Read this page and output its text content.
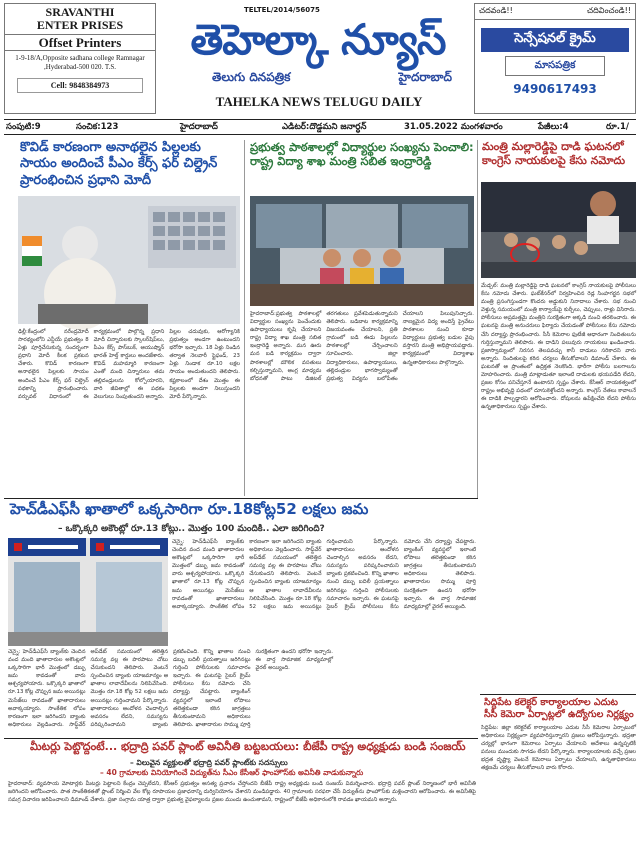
SRAVANTHI
ENTER PRISES
Offset Printers
1-9-18/A,Opposite sadhana college Ramnagar ,Hyderabad-500 020. T.S.
Cell: 9848384973
TELTEL/2014/56075
తెహెల్కా న్యూస్
తెలుగు దినపత్రిక	హైదరాబాద్
TAHELKA NEWS TELUGU DAILY
చదవండి!!	చదివించండి!!
సెన్సేషనల్ క్రైమ్
మాసపత్రిక
9490617493
సంపుటి:9	సంచిక:123	హైదరాబాద్	ఎడిటర్:దొడ్డమని జనార్ధన్	31.05.2022 మంగళవారం	పేజీలు:4	రూ.1/
కొవిడ్ కారణంగా అనాథలైన పిల్లలకు సాయం అందించే పీఎం కేర్స్ ఫర్ చిల్డ్రెన్ ప్రారంభించిన ప్రధాని మోదీ
ఢిల్లీ:కేంద్రంలో నరేంద్రమోదీ సారథ్యంలోని ఎన్డీయే ప్రభుత్వం 8 ఏళ్లు పూర్తిచేసుకున్న సందర్భంగా ప్రధాని మోదీ కీలక ప్రకటన చేశారు. కొవిడ్ కారణంగా అనాథలైన పిల్లలకు సాయం అందించే పీఎం కేర్స్ ఫర్ చిల్డ్రెన్ పథకాన్ని ప్రారంభించారు. వర్చువల్ విధానంలో ఈ కార్యక్రమంలో పాల్గొన్న ప్రధాని మోదీ చిన్నారులకు స్కాలర్‌షిప్‌లు, పీఎం కేర్స్ పాస్‌బుక్, ఆయుష్మాన్ భారత్ హెల్త్ కార్డులు అందజేశారు. కొవిడ్ మహమ్మారి కారణంగా ఎంతో మంది చిన్నారులు తమ తల్లిదండ్రులను కోల్పోయారని, వారి జీవితాల్లో ఈ పథకం వెలుగులు నింపుతుందని అన్నారు. పిల్లల చదువుకు, ఆరోగ్యానికి ప్రభుత్వం అండగా ఉంటుందని భరోసా ఇచ్చారు. 18 ఏళ్లు నిండిన తర్వాత నెలవారీ స్టైఫండ్, 23 ఏళ్లు నిండాక రూ.10 లక్షల సాయం అందుతుందని తెలిపారు. కష్టకాలంలో దేశం మొత్తం ఈ పిల్లలకు అండగా నిలుస్తుందని మోదీ పేర్కొన్నారు.
ప్రభుత్వ పాఠశాలల్లో విద్యార్థుల సంఖ్యను పెంచాలి: రాష్ట్ర విద్యా శాఖ మంత్రి సబిత ఇంద్రారెడ్డి
హైదరాబాద్:ప్రభుత్వ పాఠశాలల్లో విద్యార్థుల సంఖ్యను పెంచేందుకు ఉపాధ్యాయులు కృషి చేయాలని రాష్ట్ర విద్యా శాఖ మంత్రి సబిత ఇంద్రారెడ్డి అన్నారు. మన ఊరు మన బడి కార్యక్రమం ద్వారా పాఠశాలల్లో మౌలిక వసతులు కల్పిస్తున్నామని, ఆంగ్ల మాధ్యమ బోధనతో పాటు డిజిటల్ తరగతులు ప్రవేశపెడుతున్నామని తెలిపారు. బడిబాట కార్యక్రమాన్ని విజయవంతం చేయాలని, ప్రతి గ్రామంలో బడి ఈడు పిల్లలను పాఠశాలల్లో చేర్పించాలని సూచించారు. జిల్లా విద్యాధికారులు, ఉపాధ్యాయులు, తల్లిదండ్రుల భాగస్వామ్యంతో ప్రభుత్వ విద్యను బలోపేతం చేయాలని పిలుపునిచ్చారు. నాణ్యమైన విద్య అందిస్తే ప్రైవేటు పాఠశాలల నుంచి కూడా విద్యార్థులు ప్రభుత్వ బడుల వైపు వస్తారని మంత్రి అభిప్రాయపడ్డారు. కార్యక్రమంలో విద్యాశాఖ ఉన్నతాధికారులు పాల్గొన్నారు.
మంత్రి మల్లారెడ్డిపై దాడి ఘటనలో కాంగ్రెస్ నాయకులపై కేసు నమోదు
మేడ్చల్: మంత్రి మల్లారెడ్డిపై దాడి ఘటనలో కాంగ్రెస్ నాయకులపై పోలీసులు కేసు నమోదు చేశారు. ఘట్‌కేసర్‌లో నిర్వహించిన రెడ్ల సింహగర్జన సభలో మంత్రి ప్రసంగిస్తుండగా కొందరు అడ్డుకుని నినాదాలు చేశారు. సభ నుంచి వెళ్తున్న సమయంలో మంత్రి కాన్వాయ్‌పై కుర్చీలు, చెప్పులు, రాళ్లు విసిరారు. పోలీసులు అప్రమత్తమై మంత్రిని సురక్షితంగా అక్కడి నుంచి తరలించారు. ఈ ఘటనపై మంత్రి అనుచరులు ఫిర్యాదు చేయడంతో పోలీసులు కేసు నమోదు చేసి దర్యాప్తు ప్రారంభించారు. సీసీ కెమెరాల ఫుటేజీ ఆధారంగా నిందితులను గుర్తిస్తున్నామని తెలిపారు. ఈ దాడిని పలువురు నాయకులు ఖండించారు. ప్రజాస్వామ్యంలో నిరసన తెలపవచ్చు కానీ దాడులు సరికాదని వారు అన్నారు. నిందితులపై కఠిన చర్యలు తీసుకోవాలని డిమాండ్ చేశారు. ఈ ఘటనతో ఆ ప్రాంతంలో ఉద్రిక్తత నెలకొంది. భారీగా పోలీసు బలగాలను మోహరించారు. మంత్రి మాట్లాడుతూ ఇలాంటి దాడులకు భయపడేది లేదని, ప్రజల కోసం పనిచేస్తూనే ఉంటానని స్పష్టం చేశారు. కేసీఆర్ నాయకత్వంలో రాష్ట్రం అభివృద్ధి పథంలో దూసుకెళ్తోందని అన్నారు. కాంగ్రెస్ నేతలు కావాలనే ఈ దాడికి పాల్పడ్డారని ఆరోపించారు. దోషులను ఉపేక్షించేది లేదని పోలీసు ఉన్నతాధికారులు స్పష్టం చేశారు.
హెచ్‌డీఎఫ్‌సీ ఖాతాలో ఒక్కసారిగా రూ.18కోట్ల52 లక్షలు జమ
– ఒక్కొక్కరి అకౌంట్లో రూ.13 కోట్లు.. మొత్తం 100 మందికి.. ఎలా జరిగింది?
చెన్నై: హెచ్‌డీఎఫ్‌సీ బ్యాంక్‌కు చెందిన వంద మంది ఖాతాదారుల అకౌంట్లలో ఒక్కసారిగా భారీ మొత్తంలో డబ్బు జమ కావడంతో వారు ఆశ్చర్యపోయారు. ఒక్కొక్కరి ఖాతాలో రూ.13 కోట్ల చొప్పున జమ అయినట్లు మెసేజ్‌లు రావడంతో ఖాతాదారులు అవాక్కయ్యారు. సాంకేతిక లోపం కారణంగా ఇలా జరిగిందని బ్యాంకు అధికారులు వెల్లడించారు. సాఫ్ట్‌వేర్ అప్‌డేట్ సమయంలో తలెత్తిన సమస్య వల్ల ఈ పొరపాటు చోటు చేసుకుందని తెలిపారు. వెంటనే స్పందించిన బ్యాంకు యాజమాన్యం ఆ ఖాతాల లావాదేవీలను నిలిపివేసింది. మొత్తం రూ.18 కోట్ల 52 లక్షలు జమ అయినట్లు గుర్తించామని పేర్కొన్నారు. ఖాతాదారులు ఆందోళన చెందాల్సిన అవసరం లేదని, సమస్యను పరిష్కరించామని బ్యాంకు ప్రకటించింది. కొన్ని ఖాతాల నుంచి డబ్బు బదిలీ ప్రయత్నాలు జరిగినట్లు గుర్తించి పోలీసులకు సమాచారం ఇచ్చారు. ఈ ఘటనపై సైబర్ క్రైమ్ పోలీసులు కేసు నమోదు చేసి దర్యాప్తు చేపట్టారు. బ్యాంకింగ్ వ్యవస్థలో ఇలాంటి లోపాలు తలెత్తకుండా కఠిన జాగ్రత్తలు తీసుకుంటామని అధికారులు తెలిపారు. ఖాతాదారుల సొమ్ము పూర్తి సురక్షితంగా ఉందని భరోసా ఇచ్చారు. ఈ వార్త సామాజిక మాధ్యమాల్లో వైరల్ అయ్యింది.
చెన్నై: హెచ్‌డీఎఫ్‌సీ బ్యాంక్‌కు చెందిన వంద మంది ఖాతాదారుల అకౌంట్లలో ఒక్కసారిగా భారీ మొత్తంలో డబ్బు జమ కావడంతో వారు ఆశ్చర్యపోయారు. ఒక్కొక్కరి ఖాతాలో రూ.13 కోట్ల చొప్పున జమ అయినట్లు మెసేజ్‌లు రావడంతో ఖాతాదారులు అవాక్కయ్యారు. సాంకేతిక లోపం కారణంగా ఇలా జరిగిందని బ్యాంకు అధికారులు వెల్లడించారు. సాఫ్ట్‌వేర్ అప్‌డేట్ సమయంలో తలెత్తిన సమస్య వల్ల ఈ పొరపాటు చోటు చేసుకుందని తెలిపారు. వెంటనే స్పందించిన బ్యాంకు యాజమాన్యం ఆ ఖాతాల లావాదేవీలను నిలిపివేసింది. మొత్తం రూ.18 కోట్ల 52 లక్షలు జమ అయినట్లు గుర్తించామని పేర్కొన్నారు. ఖాతాదారులు ఆందోళన చెందాల్సిన అవసరం లేదని, సమస్యను పరిష్కరించామని బ్యాంకు ప్రకటించింది. కొన్ని ఖాతాల నుంచి డబ్బు బదిలీ ప్రయత్నాలు జరిగినట్లు గుర్తించి పోలీసులకు సమాచారం ఇచ్చారు. ఈ ఘటనపై సైబర్ క్రైమ్ పోలీసులు కేసు నమోదు చేసి దర్యాప్తు చేపట్టారు. బ్యాంకింగ్ వ్యవస్థలో ఇలాంటి లోపాలు తలెత్తకుండా కఠిన జాగ్రత్తలు తీసుకుంటామని అధికారులు తెలిపారు. ఖాతాదారుల సొమ్ము పూర్తి సురక్షితంగా ఉందని భరోసా ఇచ్చారు. ఈ వార్త సామాజిక మాధ్యమాల్లో వైరల్ అయ్యింది.
సిద్దిపేట కలెక్టర్ కార్యాలయాల ఎదుట సీసీ కెమెరా ఏర్పాట్లలో ఉద్యోగుల నిర్లక్ష్యం
సిద్దిపేట: జిల్లా కలెక్టరేట్ కార్యాలయాల ఎదుట సీసీ కెమెరాల ఏర్పాటులో అధికారులు నిర్లక్ష్యంగా వ్యవహరిస్తున్నారని ప్రజలు ఆరోపిస్తున్నారు. భద్రతా చర్యల్లో భాగంగా కెమెరాలు ఏర్పాటు చేయాలని ఆదేశాలు ఉన్నప్పటికీ పనులు ముందుకు సాగడం లేదని పేర్కొన్నారు. కార్యాలయాలకు వచ్చే ప్రజల భద్రత దృష్ట్యా వెంటనే కెమెరాలు ఏర్పాటు చేయాలని, ఉన్నతాధికారులు తక్షణమే చర్యలు తీసుకోవాలని వారు కోరారు.
మీటర్లు పెట్టొద్దంటే... భద్రాద్రి పవర్ ప్లాంట్ అవినీతి బట్టబయలు: బీజేపీ రాష్ట్ర అధ్యక్షుడు బండి సంజయ్
– విలువైన వ్యక్తులతో భద్రాద్రి పవర్ ప్లాంట్‌కు సదస్సులు
– 40 గ్రామాలకు వినియోగించే విద్యుత్‌ను సీఎం కేసీఆర్ ఫాంహౌస్‌కు అవినీతి వాడుకున్నారు
హైదరాబాద్: వ్యవసాయ మోటార్లకు మీటర్లు పెట్టాలని కేంద్రం చెప్పలేదని, కేసీఆర్ ప్రభుత్వం అసత్య ప్రచారం చేస్తోందని బీజేపీ రాష్ట్ర అధ్యక్షుడు బండి సంజయ్ విమర్శించారు. భద్రాద్రి పవర్ ప్లాంట్ నిర్మాణంలో భారీ అవినీతి జరిగిందని ఆరోపించారు. పాత సాంకేతికతతో ప్లాంట్ నిర్మించి వేల కోట్ల రూపాయల ప్రజాధనాన్ని దుర్వినియోగం చేశారని మండిపడ్డారు. 40 గ్రామాలకు సరఫరా చేసే విద్యుత్‌ను ఫాంహౌస్‌కు మళ్లించారని ఆరోపించారు. ఈ అవినీతిపై సమగ్ర విచారణ జరిపించాలని డిమాండ్ చేశారు. ప్రజా సంగ్రామ యాత్ర ద్వారా ప్రభుత్వ వైఫల్యాలను ప్రజల ముందు ఉంచుతామని, రాష్ట్రంలో బీజేపీ అధికారంలోకి రావడం ఖాయమని అన్నారు.
